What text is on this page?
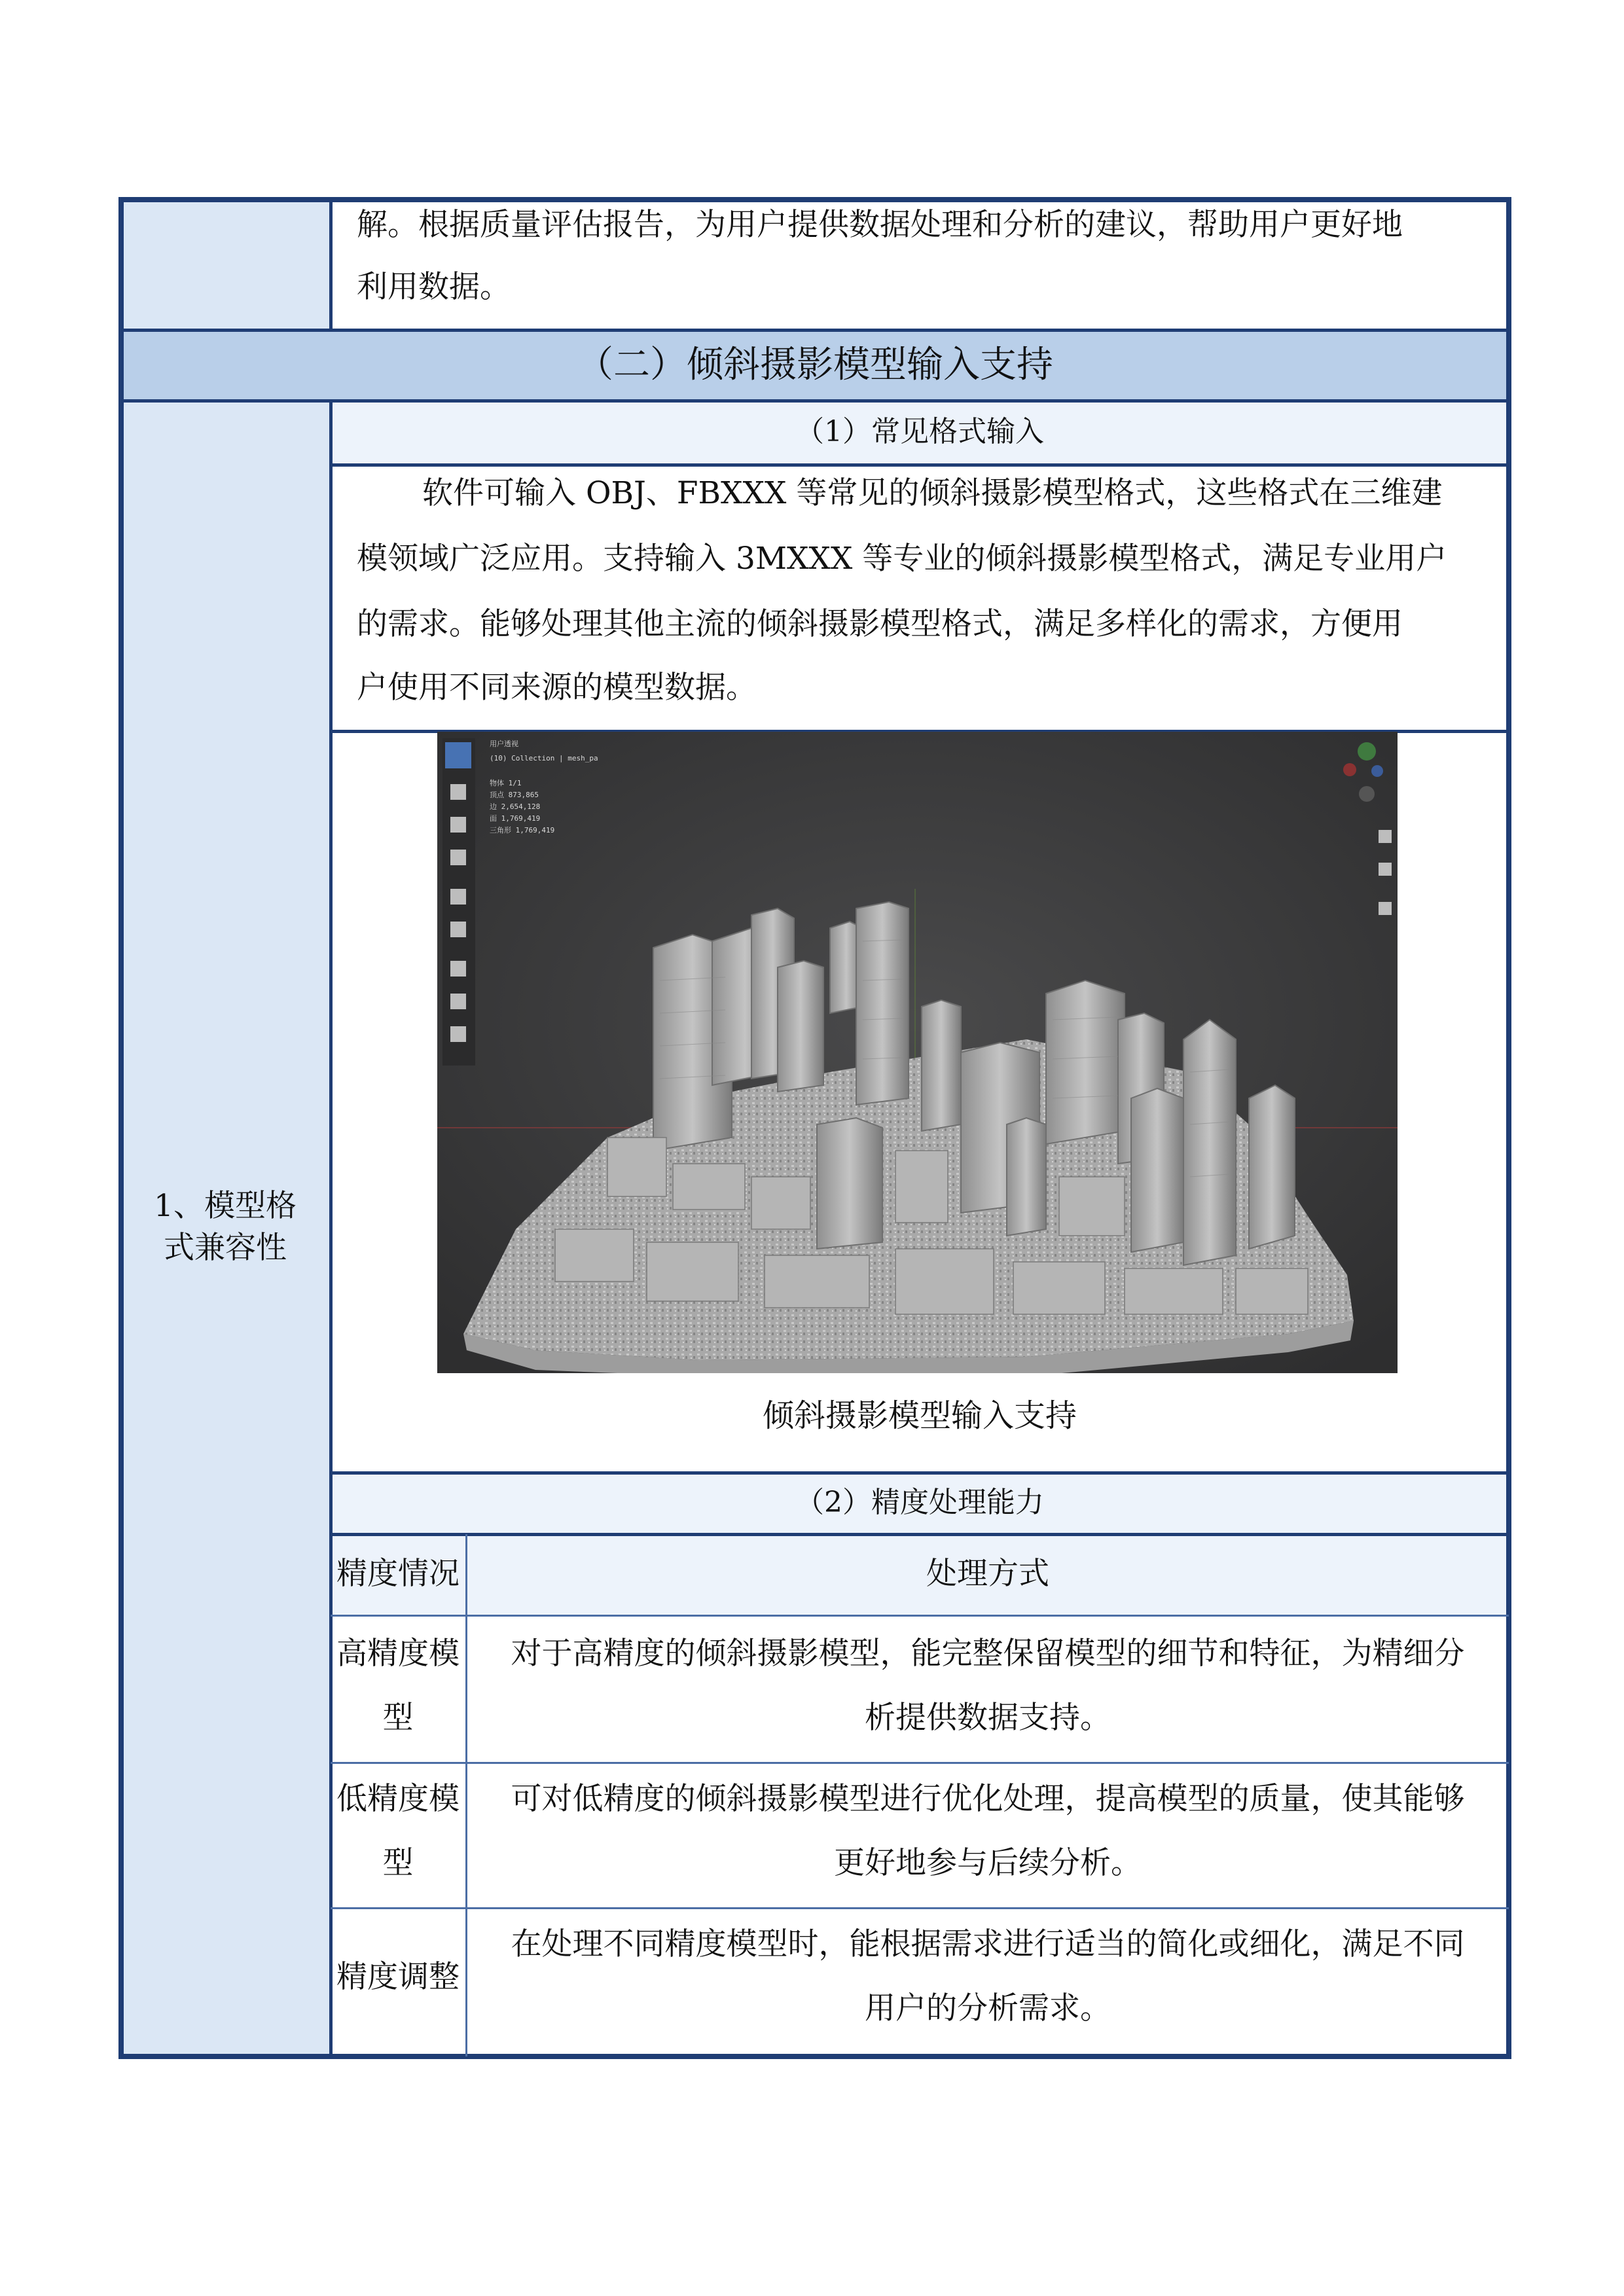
解。根据质量评估报告，为用户提供数据处理和分析的建议，帮助用户更好地
利用数据。
（二）倾斜摄影模型输入支持
1、模型格
式兼容性
（1）常见格式输入
软件可输入 OBJ、FBXXX 等常见的倾斜摄影模型格式，这些格式在三维建
模领域广泛应用。支持输入 3MXXX 等专业的倾斜摄影模型格式，满足专业用户
的需求。能够处理其他主流的倾斜摄影模型格式，满足多样化的需求，方便用
户使用不同来源的模型数据。
用户透视
(10) Collection | mesh_pa
物体 1/1
顶点 873,865
边 2,654,128
面 1,769,419
三角形 1,769,419
倾斜摄影模型输入支持
（2）精度处理能力
精度情况	处理方式
高精度模
型
对于高精度的倾斜摄影模型，能完整保留模型的细节和特征，为精细分
析提供数据支持。
低精度模
型
可对低精度的倾斜摄影模型进行优化处理，提高模型的质量，使其能够
更好地参与后续分析。
精度调整
在处理不同精度模型时，能根据需求进行适当的简化或细化，满足不同
用户的分析需求。
